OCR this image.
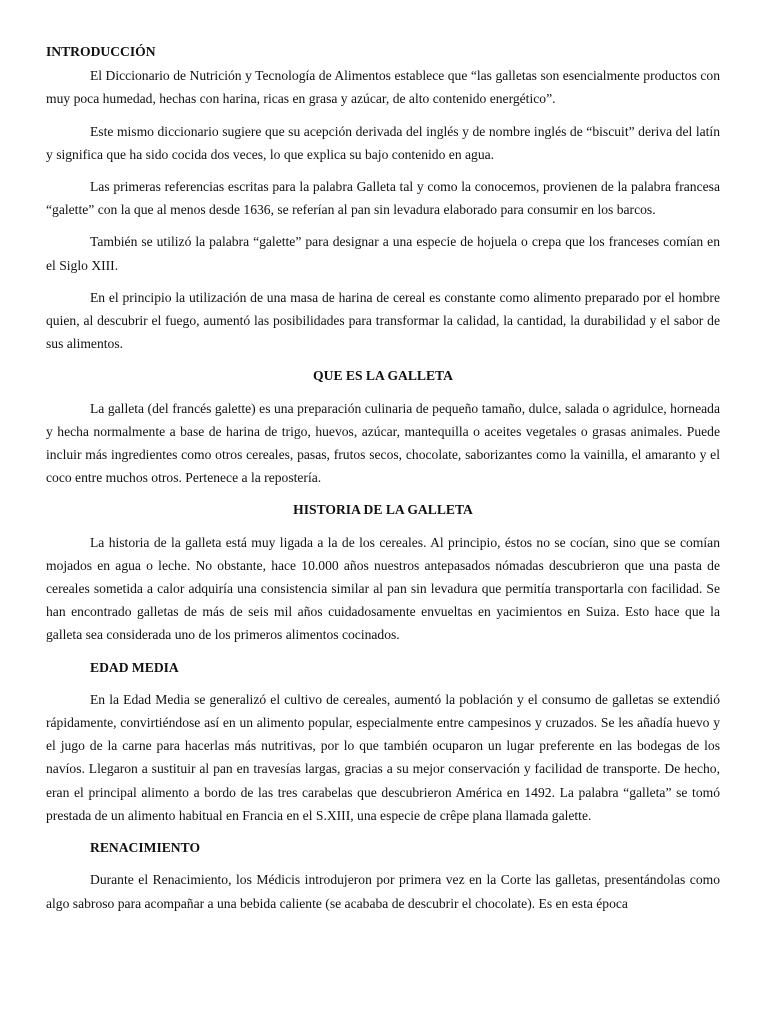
INTRODUCCIÓN

El Diccionario de Nutrición y Tecnología de Alimentos establece que “las galletas son esencialmente productos con muy poca humedad, hechas con harina, ricas en grasa y azúcar, de alto contenido energético”.

Este mismo diccionario sugiere que su acepción derivada del inglés y de nombre inglés de “biscuit” deriva del latín y significa que ha sido cocida dos veces, lo que explica su bajo contenido en agua.

Las primeras referencias escritas para la palabra Galleta tal y como la conocemos, provienen de la palabra francesa “galette” con la que al menos desde 1636, se referían al pan sin levadura elaborado para consumir en los barcos.

También se utilizó la palabra “galette” para designar a una especie de hojuela o crepa que los franceses comían en el Siglo XIII.

En el principio la utilización de una masa de harina de cereal es constante como alimento preparado por el hombre quien, al descubrir el fuego, aumentó las posibilidades para transformar la calidad, la cantidad, la durabilidad y el sabor de sus alimentos.

QUE ES LA GALLETA

La galleta (del francés galette) es una preparación culinaria de pequeño tamaño, dulce, salada o agridulce, horneada y hecha normalmente a base de harina de trigo, huevos, azúcar, mantequilla o aceites vegetales o grasas animales. Puede incluir más ingredientes como otros cereales, pasas, frutos secos, chocolate, saborizantes como la vainilla, el amaranto y el coco entre muchos otros. Pertenece a la repostería.

HISTORIA DE LA GALLETA

La historia de la galleta está muy ligada a la de los cereales. Al principio, éstos no se cocían, sino que se comían mojados en agua o leche. No obstante, hace 10.000 años nuestros antepasados nómadas descubrieron que una pasta de cereales sometida a calor adquiría una consistencia similar al pan sin levadura que permitía transportarla con facilidad. Se han encontrado galletas de más de seis mil años cuidadosamente envueltas en yacimientos en Suiza. Esto hace que la galleta sea considerada uno de los primeros alimentos cocinados.

EDAD MEDIA

En la Edad Media se generalizó el cultivo de cereales, aumentó la población y el consumo de galletas se extendió rápidamente, convirtiéndose así en un alimento popular, especialmente entre campesinos y cruzados. Se les añadía huevo y el jugo de la carne para hacerlas más nutritivas, por lo que también ocuparon un lugar preferente en las bodegas de los navíos. Llegaron a sustituir al pan en travesías largas, gracias a su mejor conservación y facilidad de transporte. De hecho, eran el principal alimento a bordo de las tres carabelas que descubrieron América en 1492. La palabra “galleta” se tomó prestada de un alimento habitual en Francia en el S.XIII, una especie de crêpe plana llamada galette.

RENACIMIENTO

Durante el Renacimiento, los Médicis introdujeron por primera vez en la Corte las galletas, presentándolas como algo sabroso para acompañar a una bebida caliente (se acababa de descubrir el chocolate). Es en esta época
